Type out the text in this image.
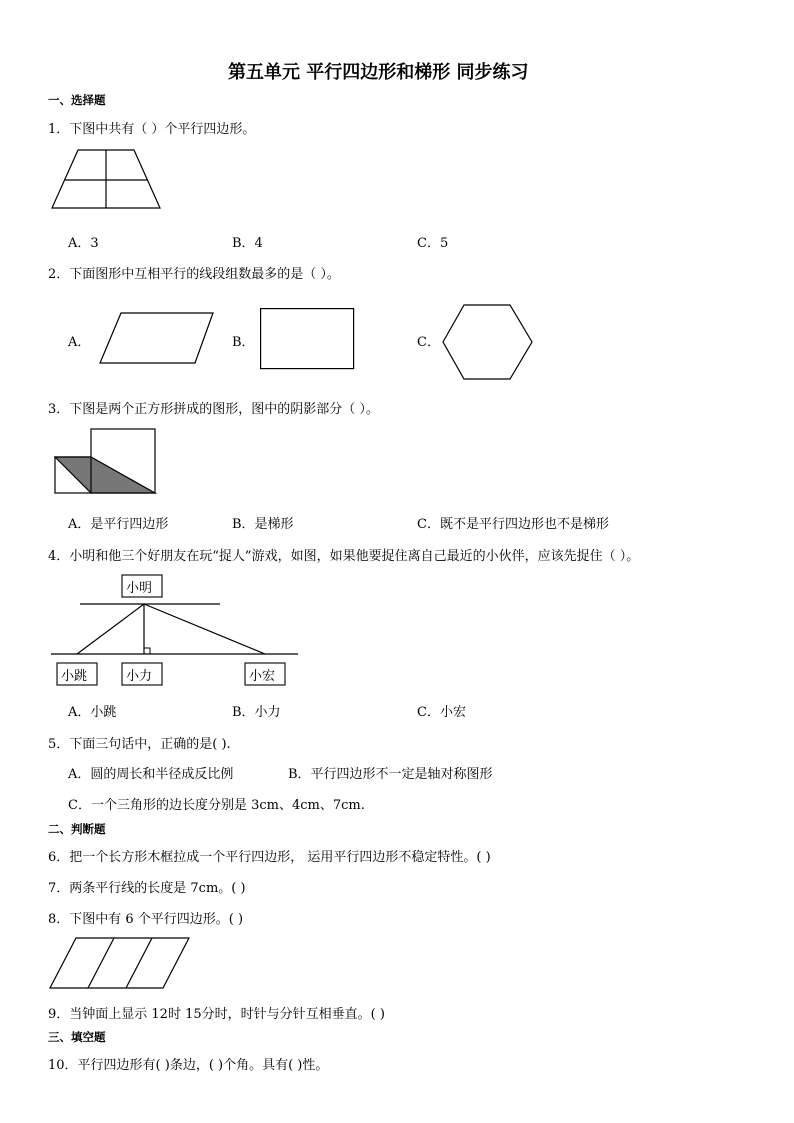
第五单元 平行四边形和梯形 同步练习
一、选择题
1．下图中共有（ ）个平行四边形。
A．3	B．4	C．5
2．下面图形中互相平行的线段组数最多的是（ ）。
A．	B．	C．
3．下图是两个正方形拼成的图形，图中的阴影部分（ ）。
A．是平行四边形	B．是梯形	C．既不是平行四边形也不是梯形
4．小明和他三个好朋友在玩“捉人”游戏，如图，如果他要捉住离自己最近的小伙伴，应该先捉住（ ）。
小明
小跳	小力	小宏
A．小跳	B．小力	C．小宏
5．下面三句话中，正确的是( ).
A．圆的周长和半径成反比例	B．平行四边形不一定是轴对称图形
C．一个三角形的边长度分别是 3cm、4cm、7cm.
二、判断题
6．把一个长方形木框拉成一个平行四边形， 运用平行四边形不稳定特性。( )
7．两条平行线的长度是 7cm。( )
8．下图中有 6 个平行四边形。( )
9．当钟面上显示 12时 15分时，时针与分针互相垂直。( )
三、填空题
10．平行四边形有( )条边，( )个角。具有( )性。
